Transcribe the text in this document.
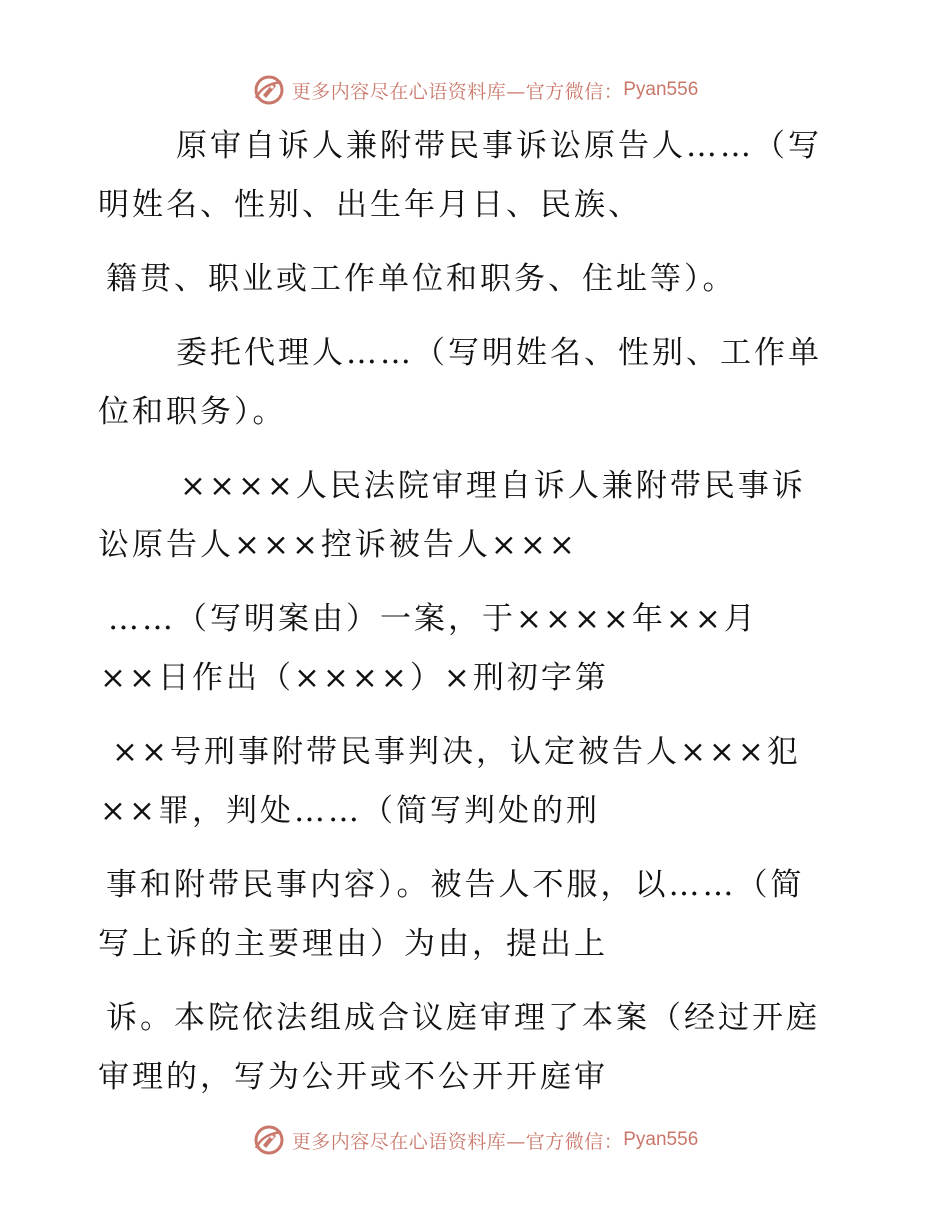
更多内容尽在心语资料库—官方微信： Pyan556
原审自诉人兼附带民事诉讼原告人……（写
明姓名、性别、出生年月日、民族、
籍贯、职业或工作单位和职务、住址等）。
委托代理人……（写明姓名、性别、工作单
位和职务）。
××××人民法院审理自诉人兼附带民事诉
讼原告人×××控诉被告人×××
……（写明案由）一案，于××××年××月
××日作出（××××）×刑初字第
××号刑事附带民事判决，认定被告人×××犯
××罪，判处……（简写判处的刑
事和附带民事内容）。被告人不服，以……（简
写上诉的主要理由）为由，提出上
诉。本院依法组成合议庭审理了本案（经过开庭
审理的，写为公开或不公开开庭审
更多内容尽在心语资料库—官方微信： Pyan556
